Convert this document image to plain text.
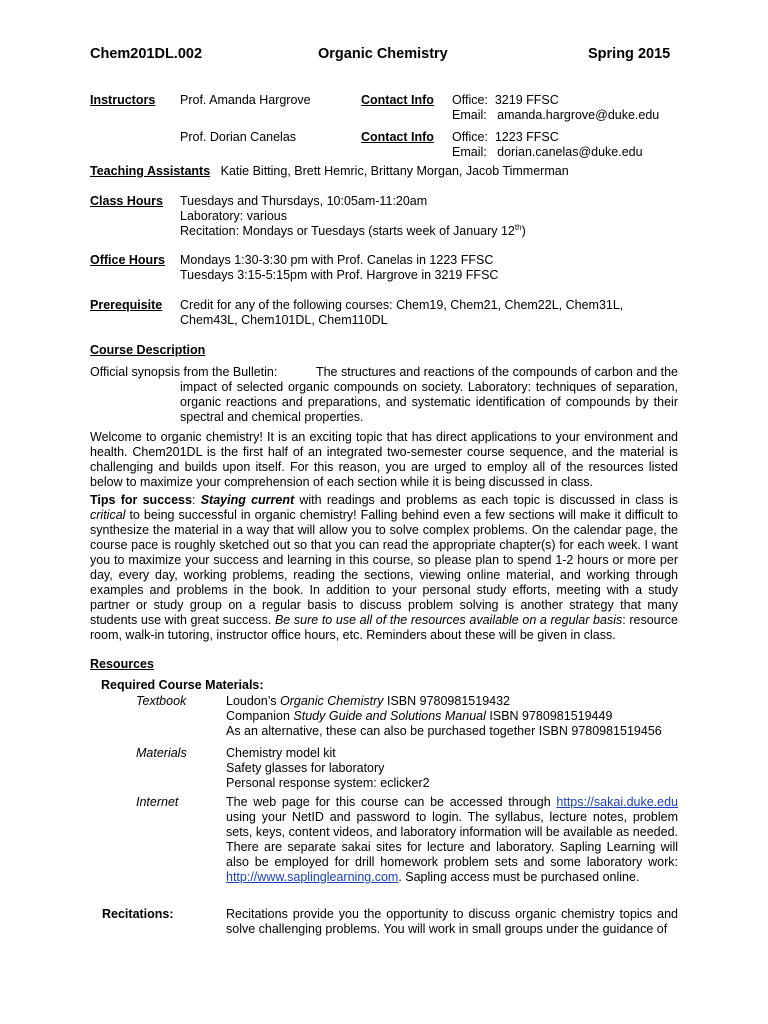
Chem201DL.002	Organic Chemistry	Spring 2015
Instructors Prof. Amanda Hargrove	Contact Info Office: 3219 FFSC
Email: amanda.hargrove@duke.edu
Prof. Dorian Canelas	Contact Info Office: 1223 FFSC
Email: dorian.canelas@duke.edu
Teaching Assistants Katie Bitting, Brett Hemric, Brittany Morgan, Jacob Timmerman
Class Hours Tuesdays and Thursdays, 10:05am-11:20am
Laboratory: various
Recitation: Mondays or Tuesdays (starts week of January 12th)
Office Hours Mondays 1:30-3:30 pm with Prof. Canelas in 1223 FFSC
Tuesdays 3:15-5:15pm with Prof. Hargrove in 3219 FFSC
Prerequisite Credit for any of the following courses: Chem19, Chem21, Chem22L, Chem31L,
Chem43L, Chem101DL, Chem110DL
Course Description
Official synopsis from the Bulletin:	The structures and reactions of the compounds of carbon and the

impact of selected organic compounds on society. Laboratory: techniques of separation, organic reactions and preparations, and systematic identification of compounds by their spectral and chemical properties.

Welcome to organic chemistry! It is an exciting topic that has direct applications to your environment and health. Chem201DL is the first half of an integrated two-semester course sequence, and the material is challenging and builds upon itself. For this reason, you are urged to employ all of the resources listed below to maximize your comprehension of each section while it is being discussed in class.

Tips for success: Staying current with readings and problems as each topic is discussed in class is critical to being successful in organic chemistry! Falling behind even a few sections will make it difficult to synthesize the material in a way that will allow you to solve complex problems. On the calendar page, the course pace is roughly sketched out so that you can read the appropriate chapter(s) for each week. I want you to maximize your success and learning in this course, so please plan to spend 1-2 hours or more per day, every day, working problems, reading the sections, viewing online material, and working through examples and problems in the book. In addition to your personal study efforts, meeting with a study partner or study group on a regular basis to discuss problem solving is another strategy that many students use with great success. Be sure to use all of the resources available on a regular basis: resource room, walk-in tutoring, instructor office hours, etc. Reminders about these will be given in class.

Resources
Required Course Materials:
Textbook	Loudon’s Organic Chemistry ISBN 9780981519432
Companion Study Guide and Solutions Manual ISBN 9780981519449
As an alternative, these can also be purchased together ISBN 9780981519456
Materials	Chemistry model kit
Safety glasses for laboratory
Personal response system: eclicker2
Internet	The web page for this course can be accessed through https://sakai.duke.edu using your NetID and password to login. The syllabus, lecture notes, problem sets, keys, content videos, and laboratory information will be available as needed. There are separate sakai sites for lecture and laboratory. Sapling Learning will also be employed for drill homework problem sets and some laboratory work: http://www.saplinglearning.com. Sapling access must be purchased online.

Recitations:	Recitations provide you the opportunity to discuss organic chemistry topics and solve challenging problems. You will work in small groups under the guidance of
